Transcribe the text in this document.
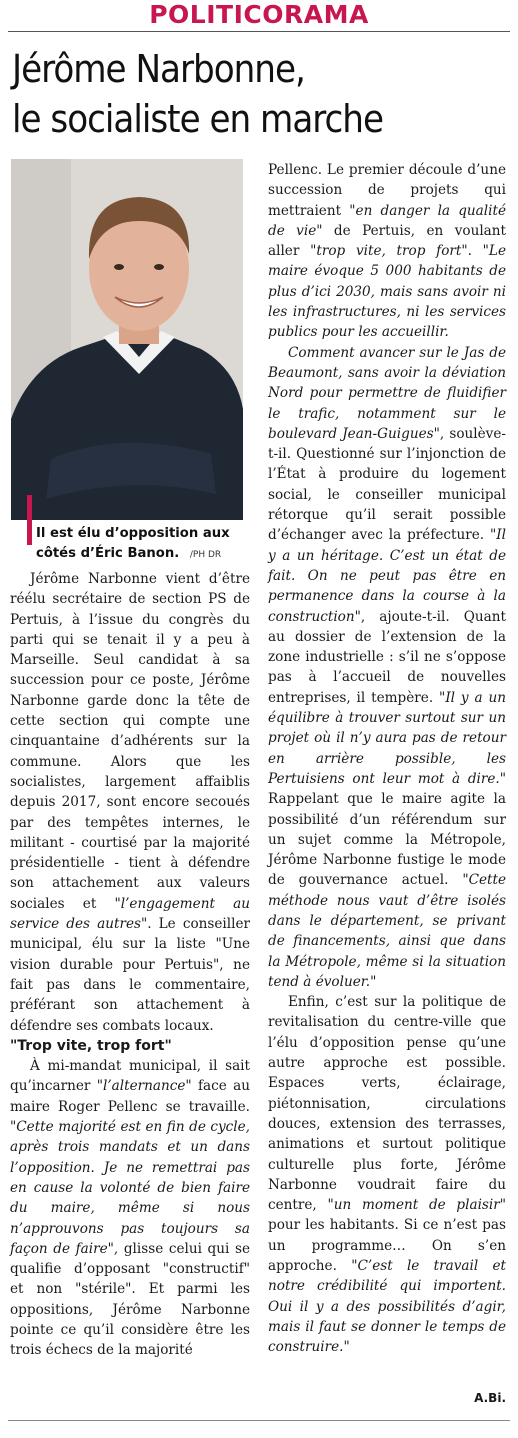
POLITICORAMA
Jérôme Narbonne,
le socialiste en marche
Il est élu d’opposition aux côtés d’Éric Banon. /PH DR

Jérôme Narbonne vient d’être réélu secrétaire de section PS de Pertuis, à l’issue du congrès du parti qui se tenait il y a peu à Marseille. Seul candidat à sa succession pour ce poste, Jérôme Narbonne garde donc la tête de cette section qui compte une cinquantaine d’adhérents sur la commune. Alors que les socialistes, largement affaiblis depuis 2017, sont encore secoués par des tempêtes internes, le militant - courtisé par la majorité présidentielle - tient à défendre son attachement aux valeurs sociales et "l’engagement au service des autres". Le conseiller municipal, élu sur la liste "Une vision durable pour Pertuis", ne fait pas dans le commentaire, préférant son attachement à défendre ses combats locaux.

"Trop vite, trop fort"

À mi-mandat municipal, il sait qu’incarner "l’alternance" face au maire Roger Pellenc se travaille. "Cette majorité est en fin de cycle, après trois mandats et un dans l’opposition. Je ne remettrai pas en cause la volonté de bien faire du maire, même si nous n’approuvons pas toujours sa façon de faire", glisse celui qui se qualifie d’opposant "constructif" et non "stérile". Et parmi les oppositions, Jérôme Narbonne pointe ce qu’il considère être les trois échecs de la majorité

Pellenc. Le premier découle d’une succession de projets qui mettraient "en danger la qualité de vie" de Pertuis, en voulant aller "trop vite, trop fort". "Le maire évoque 5 000 habitants de plus d’ici 2030, mais sans avoir ni les infrastructures, ni les services publics pour les accueillir.

Comment avancer sur le Jas de Beaumont, sans avoir la déviation Nord pour permettre de fluidifier le trafic, notamment sur le boulevard Jean-Guigues", soulève-t-il. Questionné sur l’injonction de l’État à produire du logement social, le conseiller municipal rétorque qu’il serait possible d’échanger avec la préfecture. "Il y a un héritage. C’est un état de fait. On ne peut pas être en permanence dans la course à la construction", ajoute-t-il. Quant au dossier de l’extension de la zone industrielle : s’il ne s’oppose pas à l’accueil de nouvelles entreprises, il tempère. "Il y a un équilibre à trouver surtout sur un projet où il n’y aura pas de retour en arrière possible, les Pertuisiens ont leur mot à dire." Rappelant que le maire agite la possibilité d’un référendum sur un sujet comme la Métropole, Jérôme Narbonne fustige le mode de gouvernance actuel. "Cette méthode nous vaut d’être isolés dans le département, se privant de financements, ainsi que dans la Métropole, même si la situation tend à évoluer."

Enfin, c’est sur la politique de revitalisation du centre-ville que l’élu d’opposition pense qu’une autre approche est possible. Espaces verts, éclairage, piétonnisation, circulations douces, extension des terrasses, animations et surtout politique culturelle plus forte, Jérôme Narbonne voudrait faire du centre, "un moment de plaisir" pour les habitants. Si ce n’est pas un programme… On s’en approche. "C’est le travail et notre crédibilité qui importent. Oui il y a des possibilités d’agir, mais il faut se donner le temps de construire."

A.Bi.
